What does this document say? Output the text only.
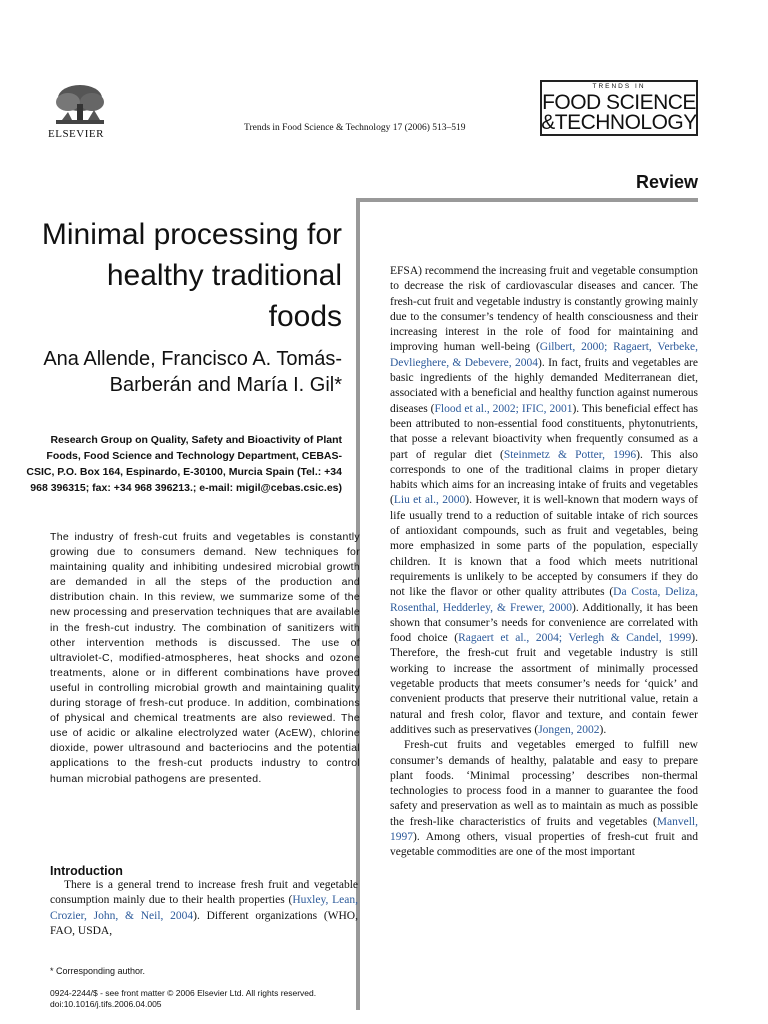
ELSEVIER	Trends in Food Science & Technology 17 (2006) 513–519
TRENDS IN
FOOD SCIENCE
&TECHNOLOGY
Review
Minimal processing for healthy traditional foods
Ana Allende, Francisco A. Tomás-Barberán and María I. Gil*
Research Group on Quality, Safety and Bioactivity of Plant Foods, Food Science and Technology Department, CEBAS-CSIC, P.O. Box 164, Espinardo, E-30100, Murcia Spain (Tel.: +34 968 396315; fax: +34 968 396213.; e-mail: migil@cebas.csic.es)
The industry of fresh-cut fruits and vegetables is constantly growing due to consumers demand. New techniques for maintaining quality and inhibiting undesired microbial growth are demanded in all the steps of the production and distribution chain. In this review, we summarize some of the new processing and preservation techniques that are available in the fresh-cut industry. The combination of sanitizers with other intervention methods is discussed. The use of ultraviolet-C, modified-atmospheres, heat shocks and ozone treatments, alone or in different combinations have proved useful in controlling microbial growth and maintaining quality during storage of fresh-cut produce. In addition, combinations of physical and chemical treatments are also reviewed. The use of acidic or alkaline electrolyzed water (AcEW), chlorine dioxide, power ultrasound and bacteriocins and the potential applications to the fresh-cut products industry to control human microbial pathogens are presented.
Introduction
There is a general trend to increase fresh fruit and vegetable consumption mainly due to their health properties (Huxley, Lean, Crozier, John, & Neil, 2004). Different organizations (WHO, FAO, USDA,

EFSA) recommend the increasing fruit and vegetable consumption to decrease the risk of cardiovascular diseases and cancer. The fresh-cut fruit and vegetable industry is constantly growing mainly due to the consumer’s tendency of health consciousness and their increasing interest in the role of food for maintaining and improving human well-being (Gilbert, 2000; Ragaert, Verbeke, Devlieghere, & Debevere, 2004). In fact, fruits and vegetables are basic ingredients of the highly demanded Mediterranean diet, associated with a beneficial and healthy function against numerous diseases (Flood et al., 2002; IFIC, 2001). This beneficial effect has been attributed to non-essential food constituents, phytonutrients, that posse a relevant bioactivity when frequently consumed as a part of regular diet (Steinmetz & Potter, 1996). This also corresponds to one of the traditional claims in proper dietary habits which aims for an increasing intake of fruits and vegetables (Liu et al., 2000). However, it is well-known that modern ways of life usually trend to a reduction of suitable intake of rich sources of antioxidant compounds, such as fruit and vegetables, being more emphasized in some parts of the population, especially children. It is known that a food which meets nutritional requirements is unlikely to be accepted by consumers if they do not like the flavor or other quality attributes (Da Costa, Deliza, Rosenthal, Hedderley, & Frewer, 2000). Additionally, it has been shown that consumer’s needs for convenience are correlated with food choice (Ragaert et al., 2004; Verlegh & Candel, 1999). Therefore, the fresh-cut fruit and vegetable industry is still working to increase the assortment of minimally processed vegetable products that meets consumer’s needs for ‘quick’ and convenient products that preserve their nutritional value, retain a natural and fresh color, flavor and texture, and contain fewer additives such as preservatives (Jongen, 2002).

Fresh-cut fruits and vegetables emerged to fulfill new consumer’s demands of healthy, palatable and easy to prepare plant foods. ‘Minimal processing’ describes non-thermal technologies to process food in a manner to guarantee the food safety and preservation as well as to maintain as much as possible the fresh-like characteristics of fruits and vegetables (Manvell, 1997). Among others, visual properties of fresh-cut fruit and vegetable commodities are one of the most important

* Corresponding author.
0924-2244/$ - see front matter © 2006 Elsevier Ltd. All rights reserved.
doi:10.1016/j.tifs.2006.04.005
